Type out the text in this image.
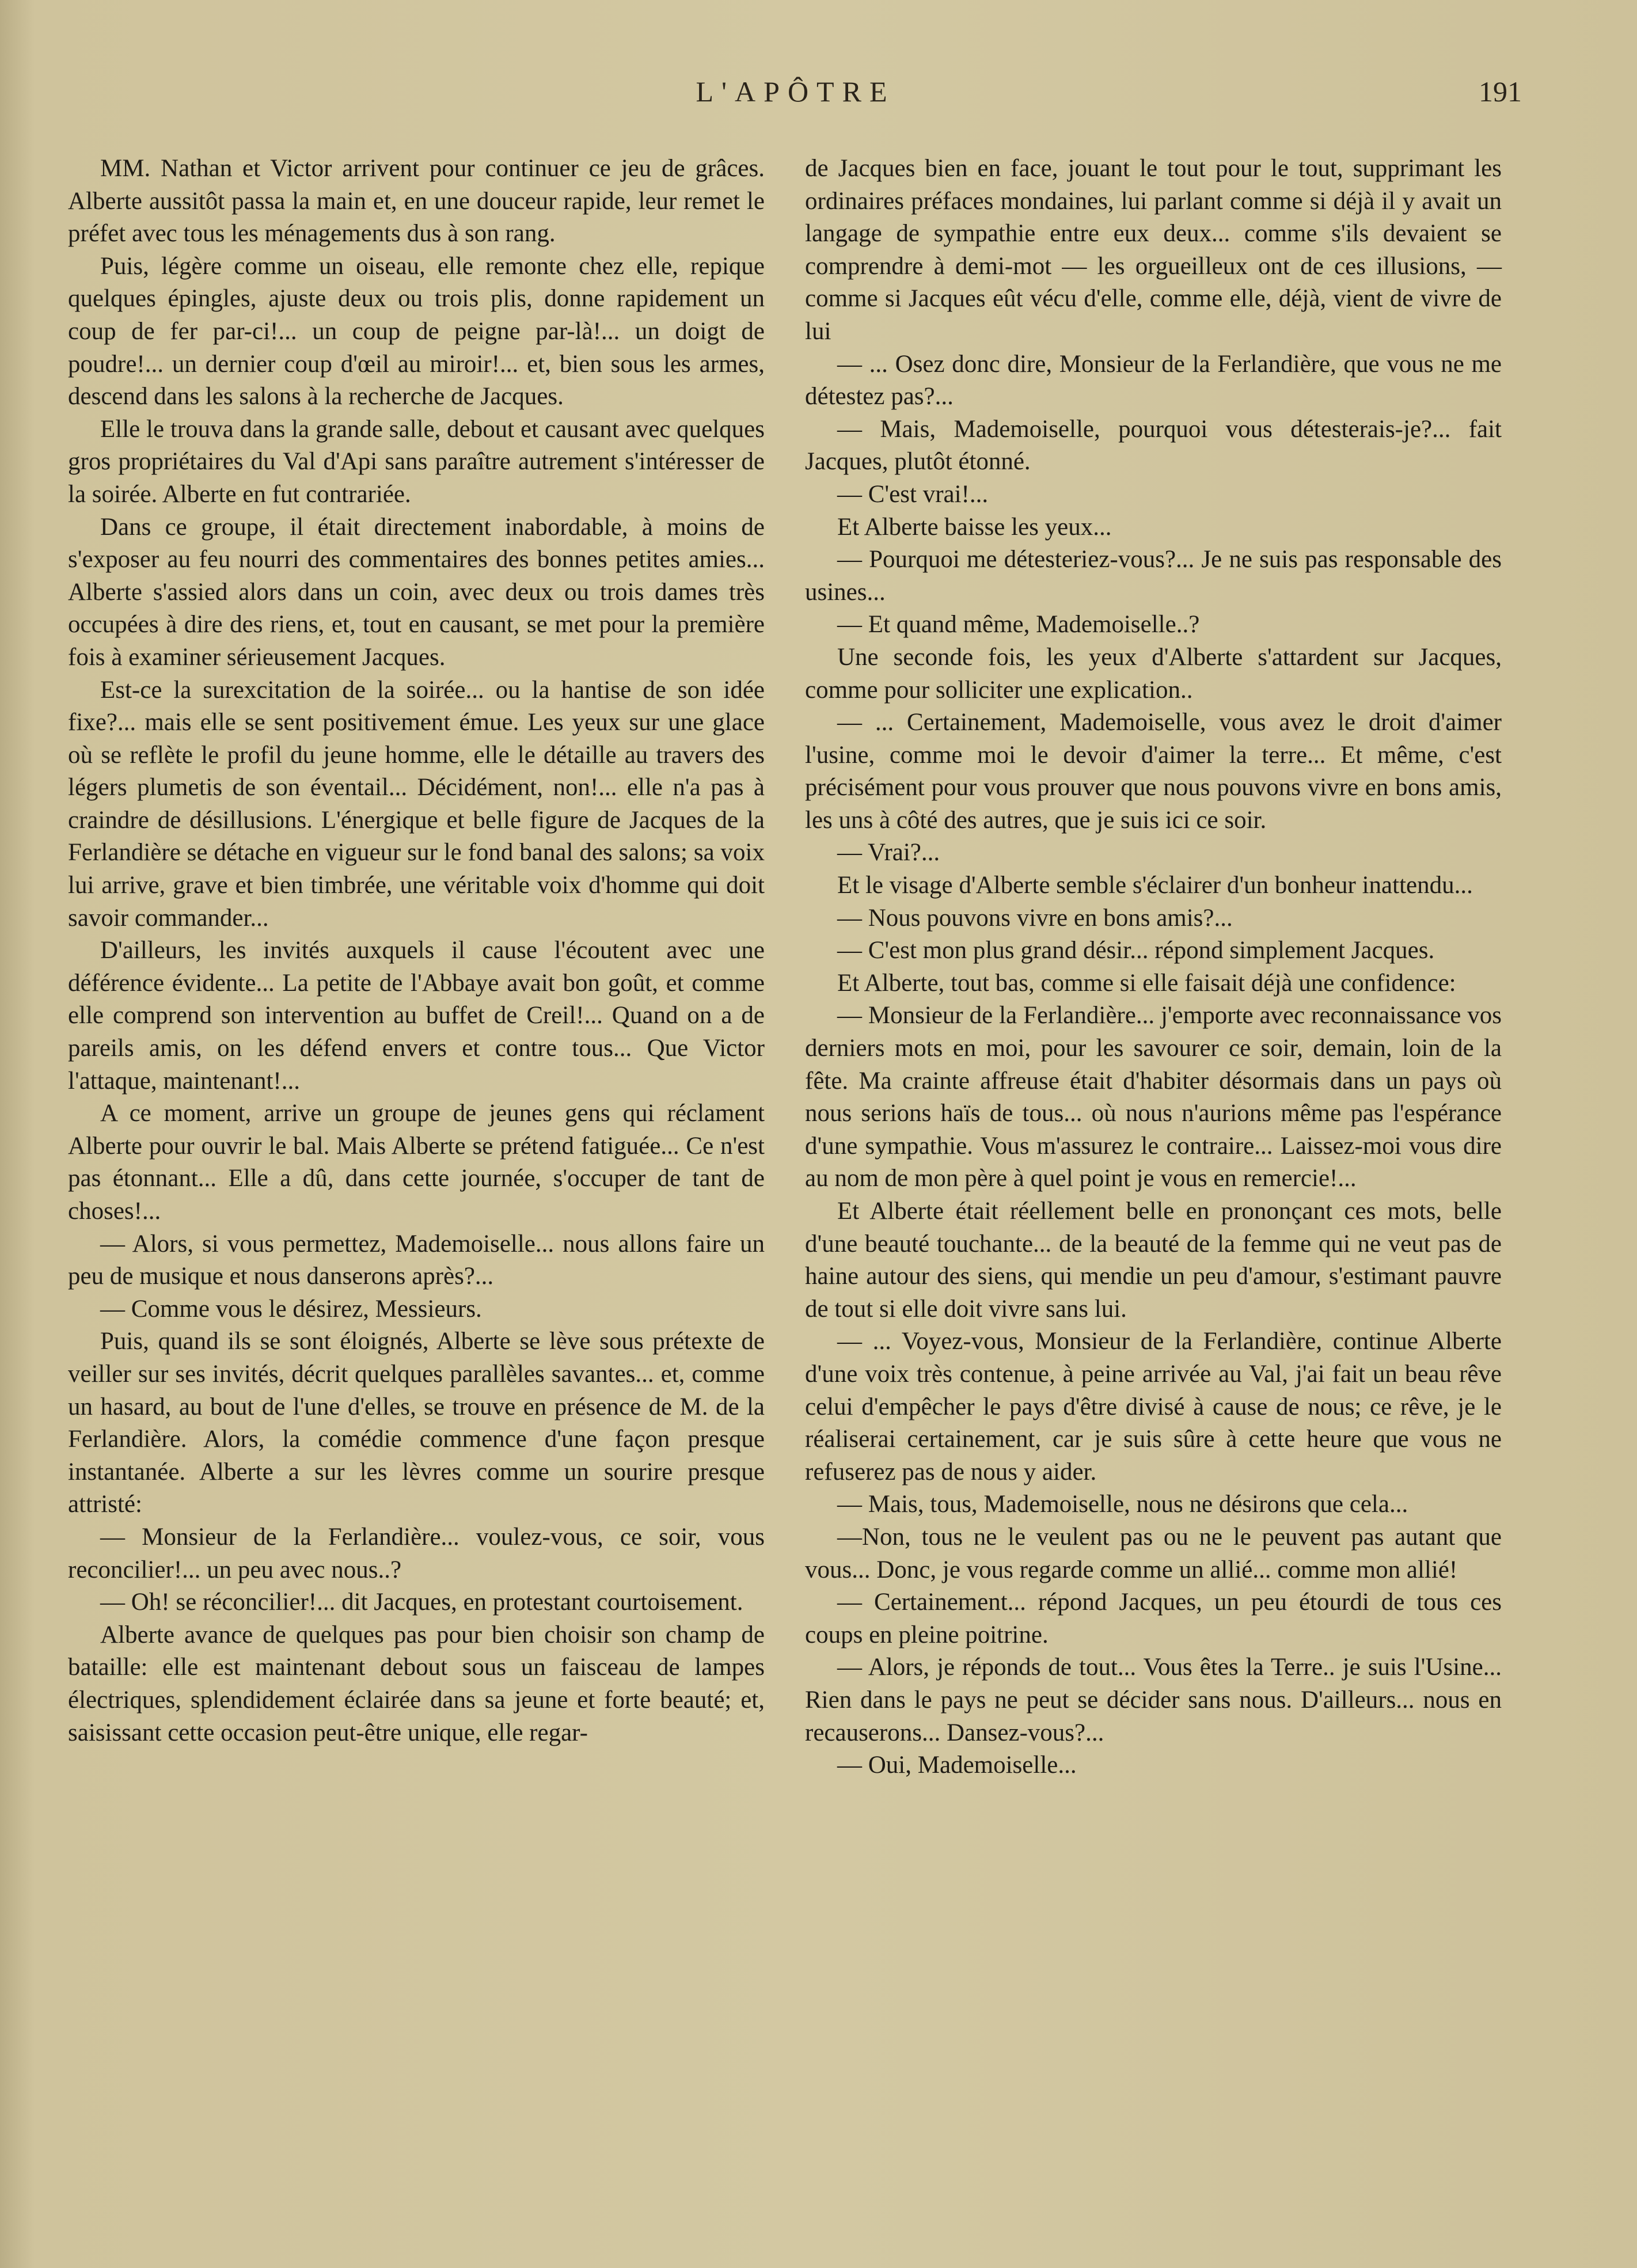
L'APÔTRE	191

MM. Nathan et Victor arrivent pour continuer ce jeu de grâces. Alberte aussitôt passa la main et, en une douceur rapide, leur remet le préfet avec tous les ménagements dus à son rang.

Puis, légère comme un oiseau, elle remonte chez elle, repique quelques épingles, ajuste deux ou trois plis, donne rapidement un coup de fer par-ci!... un coup de peigne par-là!... un doigt de poudre!... un dernier coup d'œil au miroir!... et, bien sous les armes, descend dans les salons à la recherche de Jacques.

Elle le trouva dans la grande salle, debout et causant avec quelques gros propriétaires du Val d'Api sans paraître autrement s'intéresser de la soirée. Alberte en fut contrariée.

Dans ce groupe, il était directement inabordable, à moins de s'exposer au feu nourri des commentaires des bonnes petites amies... Alberte s'assied alors dans un coin, avec deux ou trois dames très occupées à dire des riens, et, tout en causant, se met pour la première fois à examiner sérieusement Jacques.

Est-ce la surexcitation de la soirée... ou la hantise de son idée fixe?... mais elle se sent positivement émue. Les yeux sur une glace où se reflète le profil du jeune homme, elle le détaille au travers des légers plumetis de son éventail... Décidément, non!... elle n'a pas à craindre de désillusions. L'énergique et belle figure de Jacques de la Ferlandière se détache en vigueur sur le fond banal des salons; sa voix lui arrive, grave et bien timbrée, une véritable voix d'homme qui doit savoir commander...

D'ailleurs, les invités auxquels il cause l'écoutent avec une déférence évidente... La petite de l'Abbaye avait bon goût, et comme elle comprend son intervention au buffet de Creil!... Quand on a de pareils amis, on les défend envers et contre tous... Que Victor l'attaque, maintenant!...

A ce moment, arrive un groupe de jeunes gens qui réclament Alberte pour ouvrir le bal. Mais Alberte se prétend fatiguée... Ce n'est pas étonnant... Elle a dû, dans cette journée, s'occuper de tant de choses!...

— Alors, si vous permettez, Mademoiselle... nous allons faire un peu de musique et nous danserons après?...

— Comme vous le désirez, Messieurs.

Puis, quand ils se sont éloignés, Alberte se lève sous prétexte de veiller sur ses invités, décrit quelques parallèles savantes... et, comme un hasard, au bout de l'une d'elles, se trouve en présence de M. de la Ferlandière. Alors, la comédie commence d'une façon presque instantanée. Alberte a sur les lèvres comme un sourire presque attristé:

— Monsieur de la Ferlandière... voulez-vous, ce soir, vous reconcilier!... un peu avec nous..?

— Oh! se réconcilier!... dit Jacques, en protestant courtoisement.

Alberte avance de quelques pas pour bien choisir son champ de bataille: elle est maintenant debout sous un faisceau de lampes électriques, splendidement éclairée dans sa jeune et forte beauté; et, saisissant cette occasion peut-être unique, elle regar-

de Jacques bien en face, jouant le tout pour le tout, supprimant les ordinaires préfaces mondaines, lui parlant comme si déjà il y avait un langage de sympathie entre eux deux... comme s'ils devaient se comprendre à demi-mot — les orgueilleux ont de ces illusions, — comme si Jacques eût vécu d'elle, comme elle, déjà, vient de vivre de lui

— ... Osez donc dire, Monsieur de la Ferlandière, que vous ne me détestez pas?...

— Mais, Mademoiselle, pourquoi vous détesterais-je?... fait Jacques, plutôt étonné.

— C'est vrai!...

Et Alberte baisse les yeux...

— Pourquoi me détesteriez-vous?... Je ne suis pas responsable des usines...

— Et quand même, Mademoiselle..?

Une seconde fois, les yeux d'Alberte s'attardent sur Jacques, comme pour solliciter une explication..

— ... Certainement, Mademoiselle, vous avez le droit d'aimer l'usine, comme moi le devoir d'aimer la terre... Et même, c'est précisément pour vous prouver que nous pouvons vivre en bons amis, les uns à côté des autres, que je suis ici ce soir.

— Vrai?...

Et le visage d'Alberte semble s'éclairer d'un bonheur inattendu...

— Nous pouvons vivre en bons amis?...

— C'est mon plus grand désir... répond simplement Jacques.

Et Alberte, tout bas, comme si elle faisait déjà une confidence:

— Monsieur de la Ferlandière... j'emporte avec reconnaissance vos derniers mots en moi, pour les savourer ce soir, demain, loin de la fête. Ma crainte affreuse était d'habiter désormais dans un pays où nous serions haïs de tous... où nous n'aurions même pas l'espérance d'une sympathie. Vous m'assurez le contraire... Laissez-moi vous dire au nom de mon père à quel point je vous en remercie!...

Et Alberte était réellement belle en prononçant ces mots, belle d'une beauté touchante... de la beauté de la femme qui ne veut pas de haine autour des siens, qui mendie un peu d'amour, s'estimant pauvre de tout si elle doit vivre sans lui.

— ... Voyez-vous, Monsieur de la Ferlandière, continue Alberte d'une voix très contenue, à peine arrivée au Val, j'ai fait un beau rêve celui d'empêcher le pays d'être divisé à cause de nous; ce rêve, je le réaliserai certainement, car je suis sûre à cette heure que vous ne refuserez pas de nous y aider.

— Mais, tous, Mademoiselle, nous ne désirons que cela...

—Non, tous ne le veulent pas ou ne le peuvent pas autant que vous... Donc, je vous regarde comme un allié... comme mon allié!

— Certainement... répond Jacques, un peu étourdi de tous ces coups en pleine poitrine.

— Alors, je réponds de tout... Vous êtes la Terre.. je suis l'Usine... Rien dans le pays ne peut se décider sans nous. D'ailleurs... nous en recauserons... Dansez-vous?...

— Oui, Mademoiselle...
